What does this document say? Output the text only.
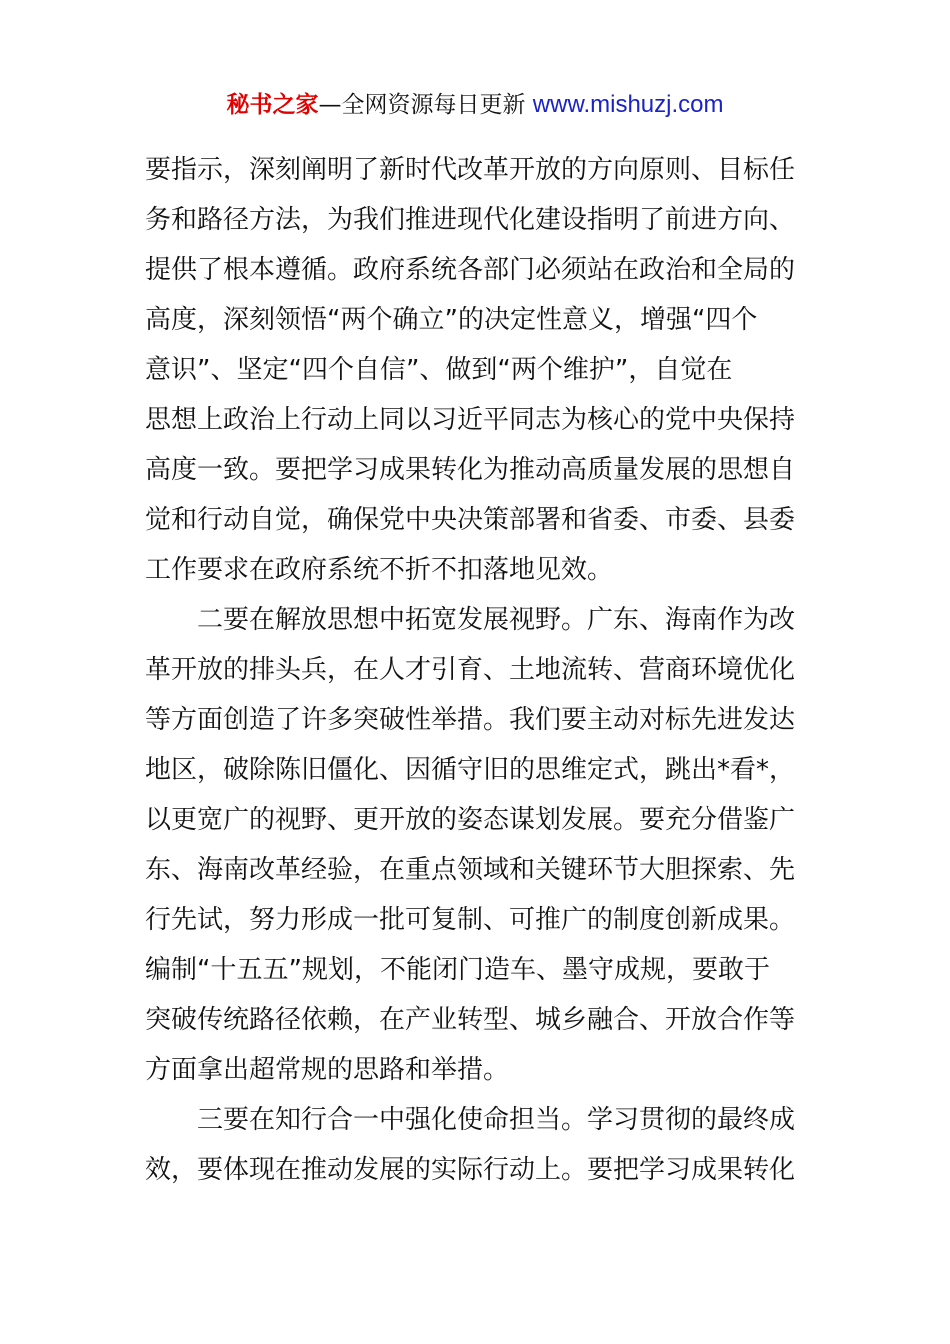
秘书之家—全网资源每日更新 www.mishuzj.com
要指示，深刻阐明了新时代改革开放的方向原则、目标任
务和路径方法，为我们推进现代化建设指明了前进方向、
提供了根本遵循。政府系统各部门必须站在政治和全局的
高度，深刻领悟“两个确立”的决定性意义，增强“四个
意识”、坚定“四个自信”、做到“两个维护”，自觉在
思想上政治上行动上同以习近平同志为核心的党中央保持
高度一致。要把学习成果转化为推动高质量发展的思想自
觉和行动自觉，确保党中央决策部署和省委、市委、县委
工作要求在政府系统不折不扣落地见效。
二要在解放思想中拓宽发展视野。广东、海南作为改
革开放的排头兵，在人才引育、土地流转、营商环境优化
等方面创造了许多突破性举措。我们要主动对标先进发达
地区，破除陈旧僵化、因循守旧的思维定式，跳出*看*，
以更宽广的视野、更开放的姿态谋划发展。要充分借鉴广
东、海南改革经验，在重点领域和关键环节大胆探索、先
行先试，努力形成一批可复制、可推广的制度创新成果。
编制“十五五”规划，不能闭门造车、墨守成规，要敢于
突破传统路径依赖，在产业转型、城乡融合、开放合作等
方面拿出超常规的思路和举措。
三要在知行合一中强化使命担当。学习贯彻的最终成
效，要体现在推动发展的实际行动上。要把学习成果转化
